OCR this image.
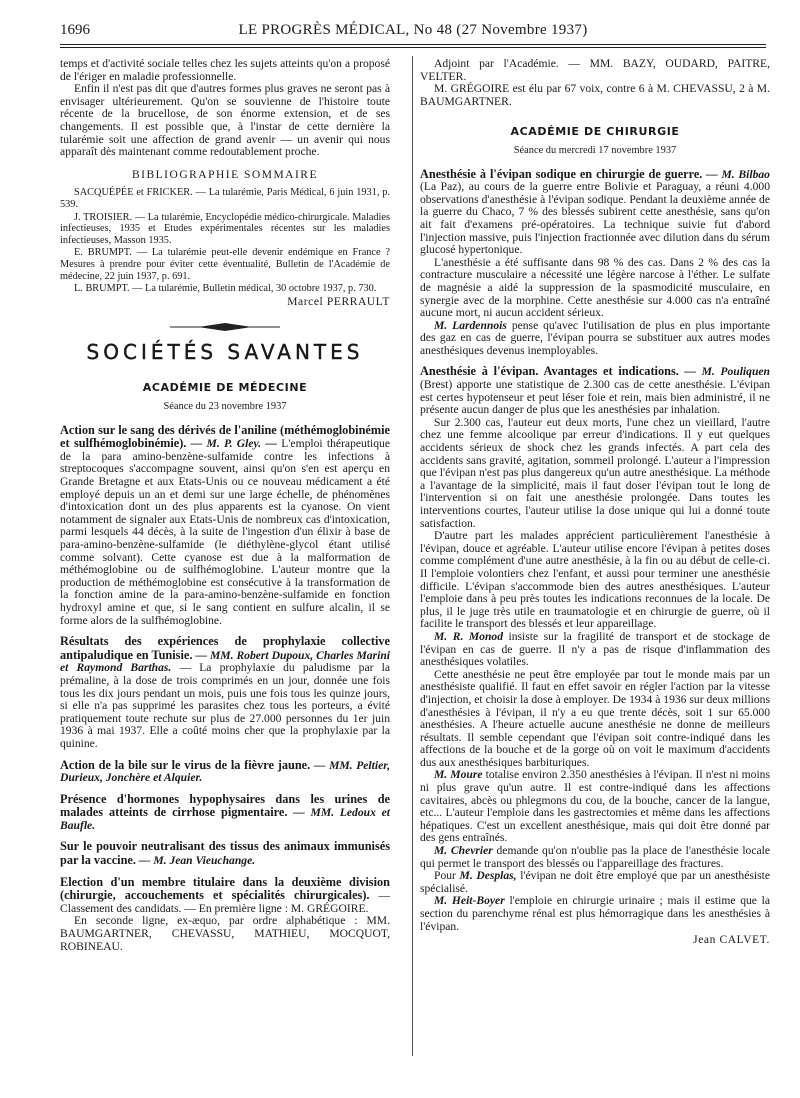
1696	LE PROGRÈS MÉDICAL, No 48 (27 Novembre 1937)

temps et d'activité sociale telles chez les sujets atteints qu'on a proposé de l'ériger en maladie professionnelle.

Enfin il n'est pas dit que d'autres formes plus graves ne seront pas à envisager ultérieurement. Qu'on se souvienne de l'histoire toute récente de la brucellose, de son énorme extension, et de ses changements. Il est possible que, à l'instar de cette dernière la tularémie soit une affection de grand avenir — un avenir qui nous apparaît dès maintenant comme redoutablement proche.

BIBLIOGRAPHIE SOMMAIRE

SACQUÉPÉE et FRICKER. — La tularémie, Paris Médical, 6 juin 1931, p. 539.

J. TROISIER. — La tularémie, Encyclopédie médico-chirurgicale. Maladies infectieuses, 1935 et Etudes expérimentales récentes sur les maladies infectieuses, Masson 1935.

E. BRUMPT. — La tularémie peut-elle devenir endémique en France ? Mesures à prendre pour éviter cette éventualité, Bulletin de l'Académie de médecine, 22 juin 1937, p. 691.

L. BRUMPT. — La tularémie, Bulletin médical, 30 octobre 1937, p. 730.

Marcel PERRAULT
SOCIÉTÉS SAVANTES
ACADÉMIE DE MÉDECINE
Séance du 23 novembre 1937

Action sur le sang des dérivés de l'aniline (méthémoglobinémie et sulfhémoglobinémie). — M. P. Gley. — L'emploi thérapeutique de la para amino-benzène-sulfamide contre les infections à streptocoques s'accompagne souvent, ainsi qu'on s'en est aperçu en Grande Bretagne et aux Etats-Unis ou ce nouveau médicament a été employé depuis un an et demi sur une large échelle, de phénomènes d'intoxication dont un des plus apparents est la cyanose. On vient notamment de signaler aux Etats-Unis de nombreux cas d'intoxication, parmi lesquels 44 décès, à la suite de l'ingestion d'un élixir à base de para-amino-benzène-sulfamide (le diéthylène-glycol étant utilisé comme solvant). Cette cyanose est due à la malformation de méthémoglobine ou de sulfhémoglobine. L'auteur montre que la production de méthémoglobine est consécutive à la transformation de la fonction amine de la para-amino-benzène-sulfamide en fonction hydroxyl amine et que, si le sang contient en sulfure alcalin, il se forme alors de la sulfhémoglobine.

Résultats des expériences de prophylaxie collective antipaludique en Tunisie. — MM. Robert Dupoux, Charles Marini et Raymond Barthas. — La prophylaxie du paludisme par la prémaline, à la dose de trois comprimés en un jour, donnée une fois tous les dix jours pendant un mois, puis une fois tous les quinze jours, si elle n'a pas supprimé les parasites chez tous les porteurs, a évité pratiquement toute rechute sur plus de 27.000 personnes du 1er juin 1936 à mai 1937. Elle a coûté moins cher que la prophylaxie par la quinine.

Action de la bile sur le virus de la fièvre jaune. — MM. Peltier, Durieux, Jonchère et Alquier.

Présence d'hormones hypophysaires dans les urines de malades atteints de cirrhose pigmentaire. — MM. Ledoux et Baufle.

Sur le pouvoir neutralisant des tissus des animaux immunisés par la vaccine. — M. Jean Vieuchange.

Election d'un membre titulaire dans la deuxième division (chirurgie, accouchements et spécialités chirurgicales). — Classement des candidats. — En première ligne : M. GRÉGOIRE.

En seconde ligne, ex-æquo, par ordre alphabétique : MM. BAUMGARTNER, CHEVASSU, MATHIEU, MOCQUOT, ROBINEAU.

Adjoint par l'Académie. — MM. BAZY, OUDARD, PAITRE, VELTER.

M. GRÉGOIRE est élu par 67 voix, contre 6 à M. CHEVASSU, 2 à M. BAUMGARTNER.

ACADÉMIE DE CHIRURGIE
Séance du mercredi 17 novembre 1937

Anesthésie à l'évipan sodique en chirurgie de guerre. — M. Bilbao (La Paz), au cours de la guerre entre Bolivie et Paraguay, a réuni 4.000 observations d'anesthésie à l'évipan sodique. Pendant la deuxième année de la guerre du Chaco, 7 % des blessés subirent cette anesthésie, sans qu'on ait fait d'examens pré-opératoires. La technique suivie fut d'abord l'injection massive, puis l'injection fractionnée avec dilution dans du sérum glucosé hypertonique.

L'anesthésie a été suffisante dans 98 % des cas. Dans 2 % des cas la contracture musculaire a nécessité une légère narcose à l'éther. Le sulfate de magnésie a aidé la suppression de la spasmodicité musculaire, en synergie avec de la morphine. Cette anesthésie sur 4.000 cas n'a entraîné aucune mort, ni aucun accident sérieux.

M. Lardennois pense qu'avec l'utilisation de plus en plus importante des gaz en cas de guerre, l'évipan pourra se substituer aux autres modes anesthésiques devenus inemployables.

Anesthésie à l'évipan. Avantages et indications. — M. Pouliquen (Brest) apporte une statistique de 2.300 cas de cette anesthésie. L'évipan est certes hypotenseur et peut léser foie et rein, mais bien administré, il ne présente aucun danger de plus que les anesthésies par inhalation.

Sur 2.300 cas, l'auteur eut deux morts, l'une chez un vieillard, l'autre chez une femme alcoolique par erreur d'indications. Il y eut quelques accidents sérieux de shock chez les grands infectés. A part cela des accidents sans gravité, agitation, sommeil prolongé. L'auteur a l'impression que l'évipan n'est pas plus dangereux qu'un autre anesthésique. La méthode a l'avantage de la simplicité, mais il faut doser l'évipan tout le long de l'intervention si on fait une anesthésie prolongée. Dans toutes les interventions courtes, l'auteur utilise la dose unique qui lui a donné toute satisfaction.

D'autre part les malades apprécient particulièrement l'anesthésie à l'évipan, douce et agréable. L'auteur utilise encore l'évipan à petites doses comme complément d'une autre anesthésie, à la fin ou au début de celle-ci. Il l'emploie volontiers chez l'enfant, et aussi pour terminer une anesthésie difficile. L'évipan s'accommode bien des autres anesthésiques. L'auteur l'emploie dans à peu près toutes les indications reconnues de la locale. De plus, il le juge très utile en traumatologie et en chirurgie de guerre, où il facilite le transport des blessés et leur appareillage.

M. R. Monod insiste sur la fragilité de transport et de stockage de l'évipan en cas de guerre. Il n'y a pas de risque d'inflammation des anesthésiques volatiles.

Cette anesthésie ne peut être employée par tout le monde mais par un anesthésiste qualifié. Il faut en effet savoir en régler l'action par la vitesse d'injection, et choisir la dose à employer. De 1934 à 1936 sur deux millions d'anesthésies à l'évipan, il n'y a eu que trente décès, soit 1 sur 65.000 anesthésies. A l'heure actuelle aucune anesthésie ne donne de meilleurs résultats. Il semble cependant que l'évipan soit contre-indiqué dans les affections de la bouche et de la gorge où on voit le maximum d'accidents dus aux anesthésiques barbituriques.

M. Moure totalise environ 2.350 anesthésies à l'évipan. Il n'est ni moins ni plus grave qu'un autre. Il est contre-indiqué dans les affections cavitaires, abcès ou phlegmons du cou, de la bouche, cancer de la langue, etc... L'auteur l'emploie dans les gastrectomies et même dans les affections hépatiques. C'est un excellent anesthésique, mais qui doit être donné par des gens entraînés.

M. Chevrier demande qu'on n'oublie pas la place de l'anesthésie locale qui permet le transport des blessés ou l'appareillage des fractures.

Pour M. Desplas, l'évipan ne doit être employé que par un anesthésiste spécialisé.

M. Heit-Boyer l'emploie en chirurgie urinaire ; mais il estime que la section du parenchyme rénal est plus hémorragique dans les anesthésies à l'évipan.

Jean CALVET.
